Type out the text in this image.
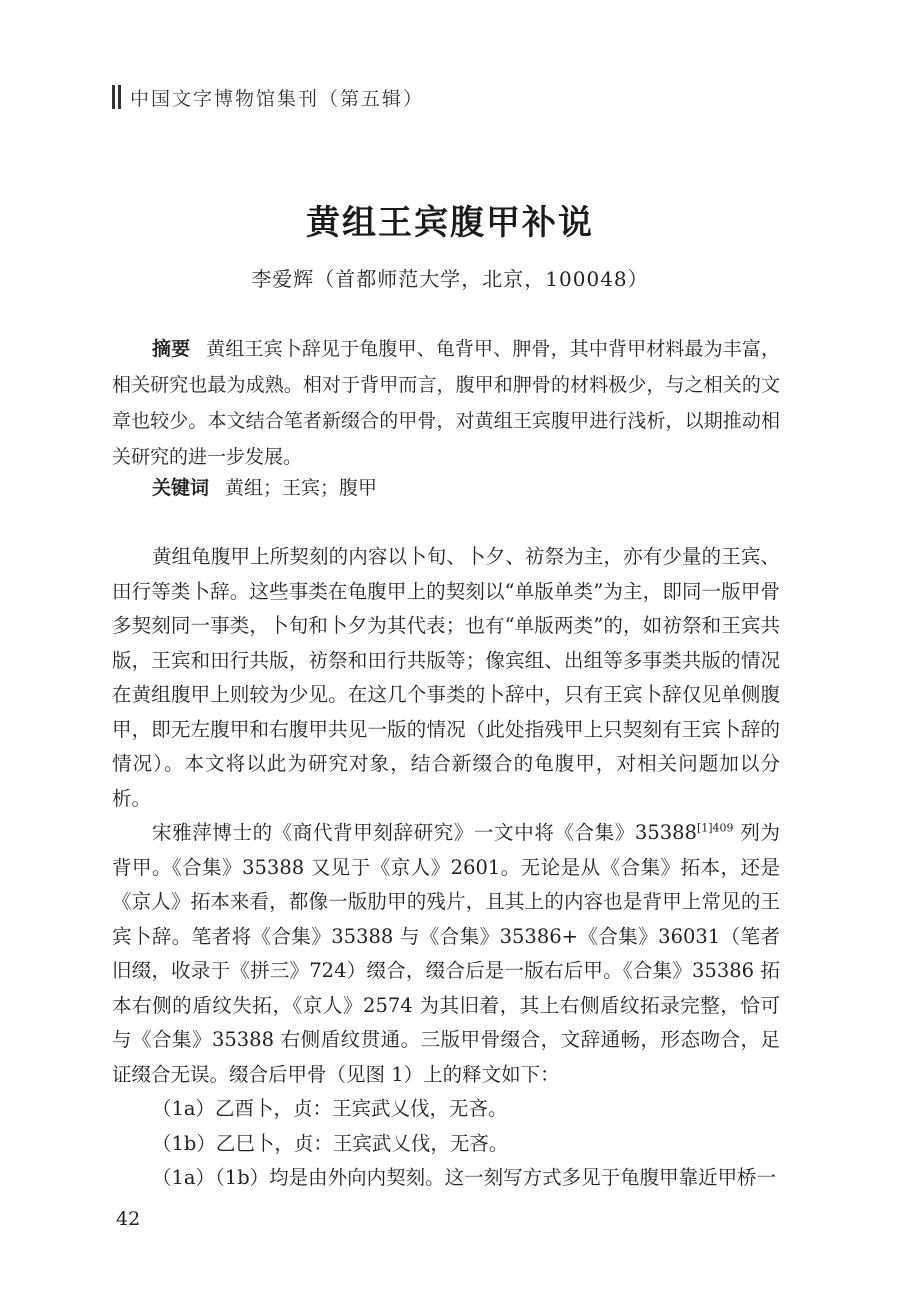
中国文字博物馆集刊（第五辑）
黄组王宾腹甲补说
李爱辉（首都师范大学，北京，100048）

摘要 黄组王宾卜辞见于龟腹甲、龟背甲、胛骨，其中背甲材料最为丰富，相关研究也最为成熟。相对于背甲而言，腹甲和胛骨的材料极少，与之相关的文章也较少。本文结合笔者新缀合的甲骨，对黄组王宾腹甲进行浅析，以期推动相关研究的进一步发展。

关键词 黄组；王宾；腹甲

黄组龟腹甲上所契刻的内容以卜旬、卜夕、祊祭为主，亦有少量的王宾、田行等类卜辞。这些事类在龟腹甲上的契刻以“单版单类”为主，即同一版甲骨多契刻同一事类，卜旬和卜夕为其代表；也有“单版两类”的，如祊祭和王宾共版，王宾和田行共版，祊祭和田行共版等；像宾组、出组等多事类共版的情况在黄组腹甲上则较为少见。在这几个事类的卜辞中，只有王宾卜辞仅见单侧腹甲，即无左腹甲和右腹甲共见一版的情况（此处指残甲上只契刻有王宾卜辞的情况）。本文将以此为研究对象，结合新缀合的龟腹甲，对相关问题加以分析。

宋雅萍博士的《商代背甲刻辞研究》一文中将《合集》$35388^{[1]409}$ 列为背甲。《合集》35388 又见于《京人》2601。无论是从《合集》拓本，还是《京人》拓本来看，都像一版肋甲的残片，且其上的内容也是背甲上常见的王宾卜辞。笔者将《合集》35388 与《合集》35386+《合集》36031（笔者旧缀，收录于《拼三》724）缀合，缀合后是一版右后甲。《合集》35386 拓本右侧的盾纹失拓，《京人》2574 为其旧着，其上右侧盾纹拓录完整，恰可与《合集》35388 右侧盾纹贯通。三版甲骨缀合，文辞通畅，形态吻合，足证缀合无误。缀合后甲骨（见图 1）上的释文如下：

（1a）乙酉卜，贞：王宾武乂伐，无吝。

（1b）乙巳卜，贞：王宾武乂伐，无吝。

（1a）（1b）均是由外向内契刻。这一刻写方式多见于龟腹甲靠近甲桥一

42
